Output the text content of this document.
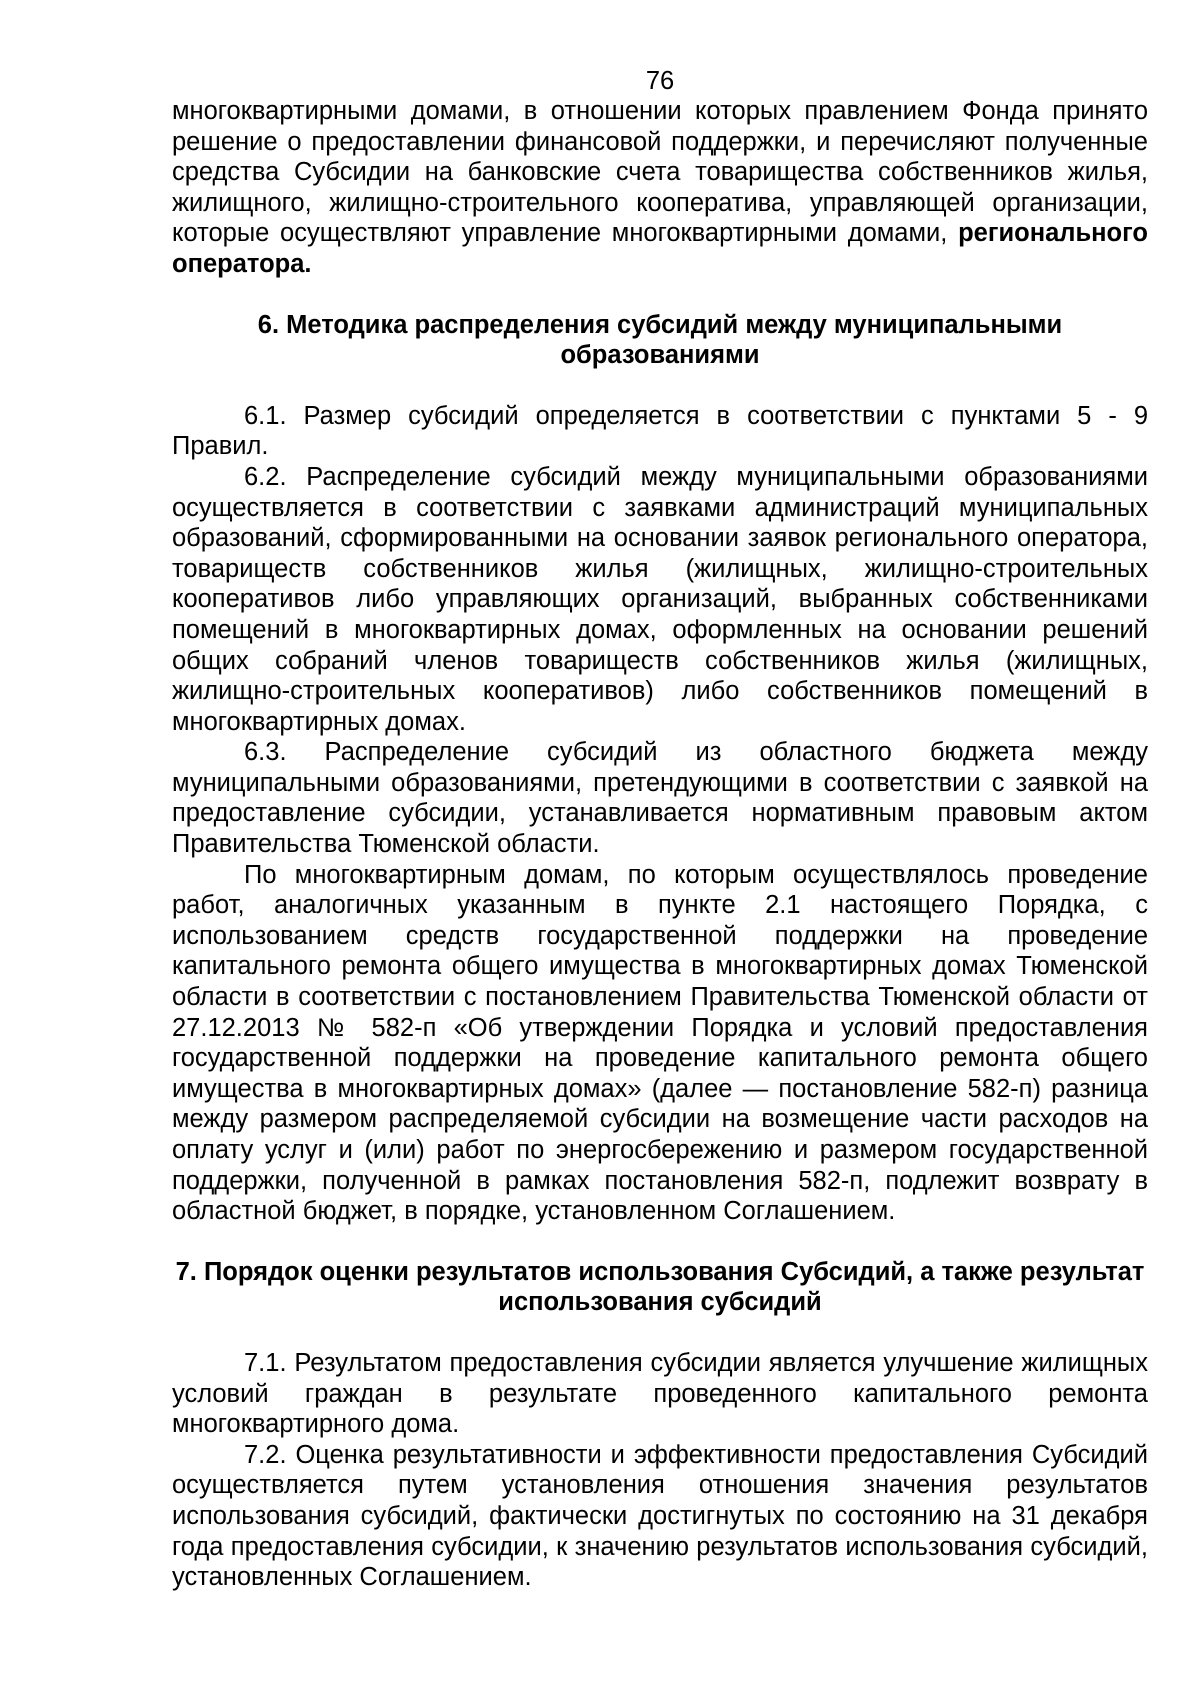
76

многоквартирными домами, в отношении которых правлением Фонда принято решение о предоставлении финансовой поддержки, и перечисляют полученные средства Субсидии на банковские счета товарищества собственников жилья, жилищного, жилищно-строительного кооператива, управляющей организации, которые осуществляют управление многоквартирными домами, регионального оператора.

6. Методика распределения субсидий между муниципальными образованиями

6.1. Размер субсидий определяется в соответствии с пунктами 5 - 9 Правил.

6.2. Распределение субсидий между муниципальными образованиями осуществляется в соответствии с заявками администраций муниципальных образований, сформированными на основании заявок регионального оператора, товариществ собственников жилья (жилищных, жилищно-строительных кооперативов либо управляющих организаций, выбранных собственниками помещений в многоквартирных домах, оформленных на основании решений общих собраний членов товариществ собственников жилья (жилищных, жилищно-строительных кооперативов) либо собственников помещений в многоквартирных домах.

6.3. Распределение субсидий из областного бюджета между муниципальными образованиями, претендующими в соответствии с заявкой на предоставление субсидии, устанавливается нормативным правовым актом Правительства Тюменской области.

По многоквартирным домам, по которым осуществлялось проведение работ, аналогичных указанным в пункте 2.1 настоящего Порядка, с использованием средств государственной поддержки на проведение капитального ремонта общего имущества в многоквартирных домах Тюменской области в соответствии с постановлением Правительства Тюменской области от 27.12.2013 № 582-п «Об утверждении Порядка и условий предоставления государственной поддержки на проведение капитального ремонта общего имущества в многоквартирных домах» (далее — постановление 582-п) разница между размером распределяемой субсидии на возмещение части расходов на оплату услуг и (или) работ по энергосбережению и размером государственной поддержки, полученной в рамках постановления 582-п, подлежит возврату в областной бюджет, в порядке, установленном Соглашением.

7. Порядок оценки результатов использования Субсидий, а также результат использования субсидий

7.1. Результатом предоставления субсидии является улучшение жилищных условий граждан в результате проведенного капитального ремонта многоквартирного дома.

7.2. Оценка результативности и эффективности предоставления Субсидий осуществляется путем установления отношения значения результатов использования субсидий, фактически достигнутых по состоянию на 31 декабря года предоставления субсидии, к значению результатов использования субсидий, установленных Соглашением.
